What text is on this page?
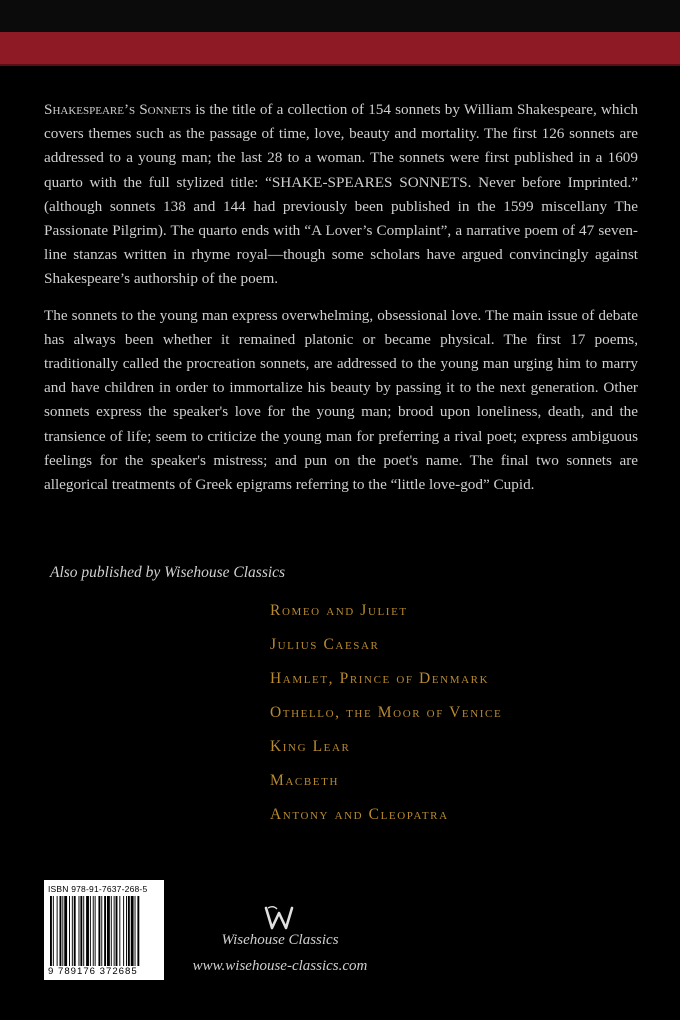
Shakespeare’s Sonnets is the title of a collection of 154 sonnets by William Shakespeare, which covers themes such as the passage of time, love, beauty and mortality. The first 126 sonnets are addressed to a young man; the last 28 to a woman. The sonnets were first published in a 1609 quarto with the full stylized title: “SHAKE-SPEARES SONNETS. Never before Imprinted.” (although sonnets 138 and 144 had previously been published in the 1599 miscellany The Passionate Pilgrim). The quarto ends with “A Lover’s Complaint”, a narrative poem of 47 seven-line stanzas written in rhyme royal—though some scholars have argued convincingly against Shakespeare’s authorship of the poem.

The sonnets to the young man express overwhelming, obsessional love. The main issue of debate has always been whether it remained platonic or became physical. The first 17 poems, traditionally called the procreation sonnets, are addressed to the young man urging him to marry and have children in order to immortalize his beauty by passing it to the next generation. Other sonnets express the speaker's love for the young man; brood upon loneliness, death, and the transience of life; seem to criticize the young man for preferring a rival poet; express ambiguous feelings for the speaker's mistress; and pun on the poet's name. The final two sonnets are allegorical treatments of Greek epigrams referring to the “little love-god” Cupid.

Also published by Wisehouse Classics
Romeo and Juliet
Julius Caesar
Hamlet, Prince of Denmark
Othello, the Moor of Venice
King Lear
Macbeth
Antony and Cleopatra
ISBN 978-91-7637-268-5
9 789176 372685
Wisehouse Classics
www.wisehouse-classics.com
